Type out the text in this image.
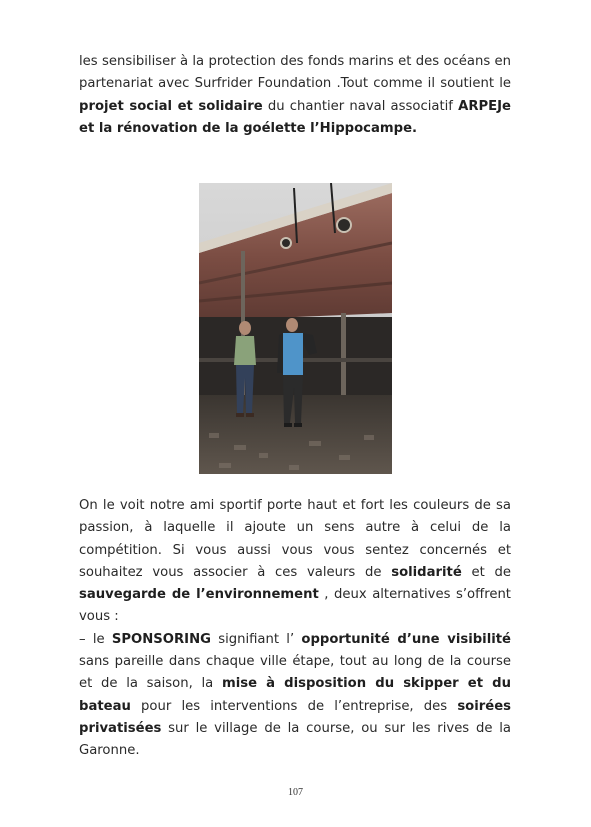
les sensibiliser à la protection des fonds marins et des océans en partenariat avec Surfrider Foundation .Tout comme il soutient le projet social et solidaire du chantier naval associatif ARPEJe et la rénovation de la goélette l’Hippocampe.

On le voit notre ami sportif porte haut et fort les couleurs de sa passion, à laquelle il ajoute un sens autre à celui de la compétition. Si vous aussi vous vous sentez concernés et souhaitez vous associer à ces valeurs de solidarité et de sauvegarde de l’environnement , deux alternatives s’offrent vous :
– le SPONSORING signifiant l’ opportunité d’une visibilité sans pareille dans chaque ville étape, tout au long de la course et de la saison, la mise à disposition du skipper et du bateau pour les interventions de l’entreprise, des soirées privatisées sur le village de la course, ou sur les rives de la Garonne.

107
